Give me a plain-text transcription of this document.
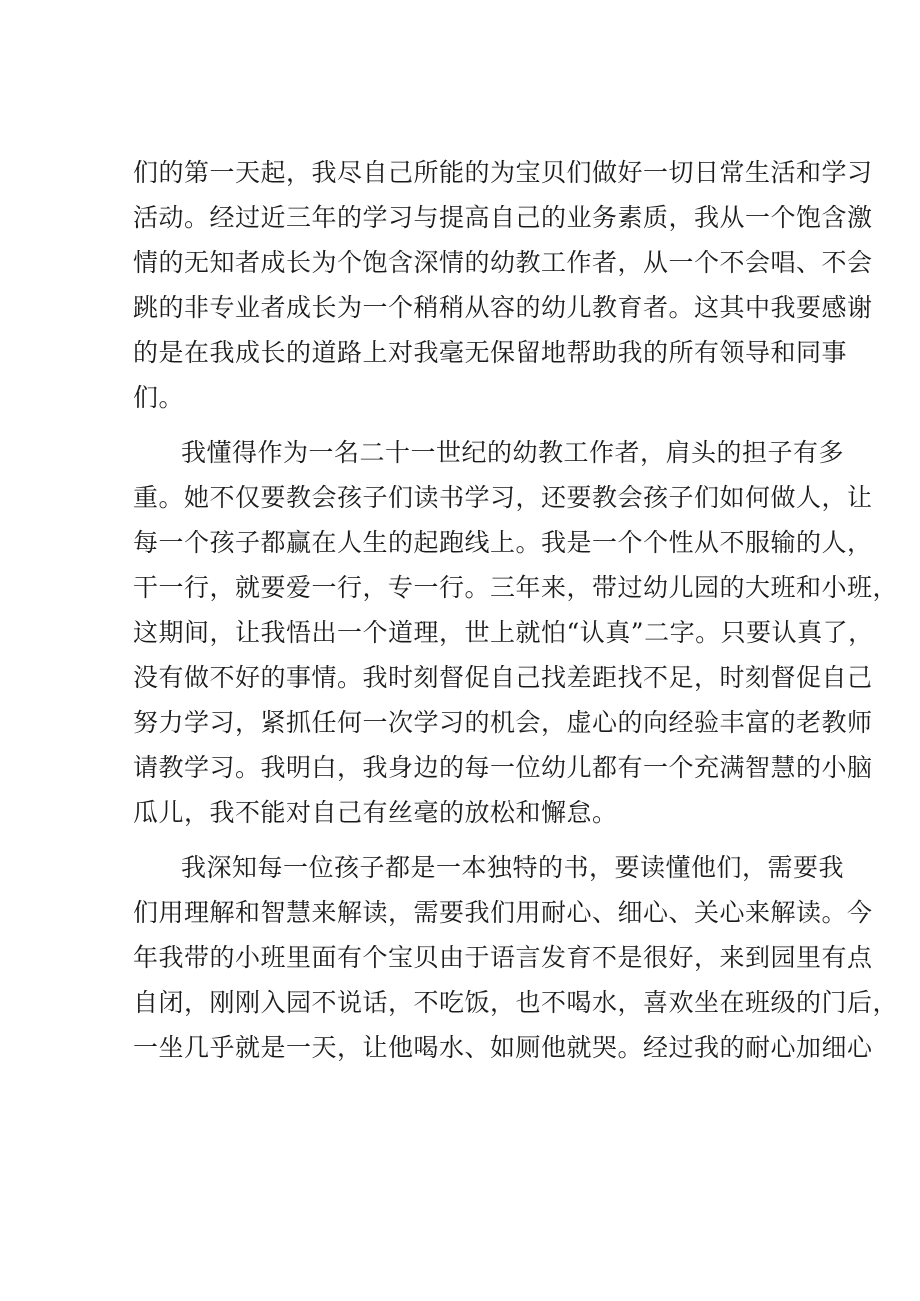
们的第一天起，我尽自己所能的为宝贝们做好一切日常生活和学习
活动。经过近三年的学习与提高自己的业务素质，我从一个饱含激
情的无知者成长为个饱含深情的幼教工作者，从一个不会唱、不会
跳的非专业者成长为一个稍稍从容的幼儿教育者。这其中我要感谢
的是在我成长的道路上对我毫无保留地帮助我的所有领导和同事
们。
我懂得作为一名二十一世纪的幼教工作者，肩头的担子有多
重。她不仅要教会孩子们读书学习，还要教会孩子们如何做人，让
每一个孩子都赢在人生的起跑线上。我是一个个性从不服输的人，
干一行，就要爱一行，专一行。三年来，带过幼儿园的大班和小班，
这期间，让我悟出一个道理，世上就怕“认真”二字。只要认真了，
没有做不好的事情。我时刻督促自己找差距找不足，时刻督促自己
努力学习，紧抓任何一次学习的机会，虚心的向经验丰富的老教师
请教学习。我明白，我身边的每一位幼儿都有一个充满智慧的小脑
瓜儿，我不能对自己有丝毫的放松和懈怠。
我深知每一位孩子都是一本独特的书，要读懂他们，需要我
们用理解和智慧来解读，需要我们用耐心、细心、关心来解读。今
年我带的小班里面有个宝贝由于语言发育不是很好，来到园里有点
自闭，刚刚入园不说话，不吃饭，也不喝水，喜欢坐在班级的门后，
一坐几乎就是一天，让他喝水、如厕他就哭。经过我的耐心加细心
